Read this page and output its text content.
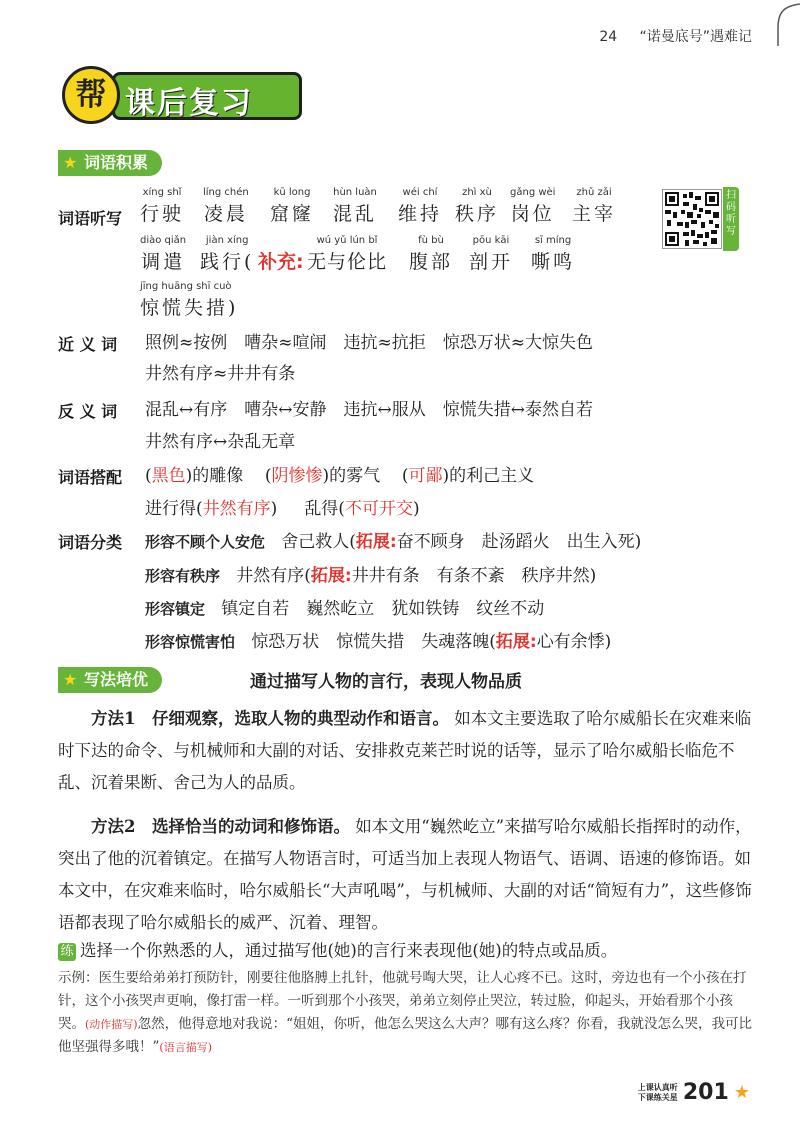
24 “诺曼底号”遇难记
课后复习
帮
★ 词语积累
词语听写
xíng shǐ
行驶
líng chén
凌晨
kū long
窟窿
hùn luàn
混乱
wéi chí
维持
zhì xù
秩序
gǎng wèi
岗位
zhǔ zǎi
主宰
diào qiǎn
调遣
jiàn xíng
践行( 补充:
wú yǔ lún bǐ
无与伦比
fù bù
腹部
pōu kāi
剖开
sī míng
嘶鸣
jīng huāng shī cuò
惊慌失措)
扫码听写
近 义 词 照例≈按例　嘈杂≈喧闹　违抗≈抗拒　惊恐万状≈大惊失色
井然有序≈井井有条
反 义 词 混乱↔有序　嘈杂↔安静　违抗↔服从　惊慌失措↔泰然自若
井然有序↔杂乱无章
词语搭配 (黑色)的雕像 (阴惨惨)的雾气 (可鄙)的利己主义
进行得(井然有序) 乱得(不可开交)
词语分类 形容不顾个人安危 舍己救人(拓展:奋不顾身　赴汤蹈火　出生入死)
形容有秩序 井然有序(拓展:井井有条　有条不紊　秩序井然)
形容镇定 镇定自若　巍然屹立　犹如铁铸　纹丝不动
形容惊慌害怕 惊恐万状　惊慌失措　失魂落魄(拓展:心有余悸)
★ 写法培优	通过描写人物的言行，表现人物品质
方法1　仔细观察，选取人物的典型动作和语言。 如本文主要选取了哈尔威船长在灾难来临时下达的命令、与机械师和大副的对话、安排救克莱芒时说的话等，显示了哈尔威船长临危不乱、沉着果断、舍己为人的品质。
方法2　选择恰当的动词和修饰语。 如本文用“巍然屹立”来描写哈尔威船长指挥时的动作，突出了他的沉着镇定。在描写人物语言时，可适当加上表现人物语气、语调、语速的修饰语。如本文中，在灾难来临时，哈尔威船长“大声吼喝”，与机械师、大副的对话“简短有力”，这些修饰语都表现了哈尔威船长的威严、沉着、理智。
练 选择一个你熟悉的人，通过描写他(她)的言行来表现他(她)的特点或品质。
示例：医生要给弟弟打预防针，刚要往他胳膊上扎针，他就号啕大哭，让人心疼不已。这时，旁边也有一个小孩在打针，这个小孩哭声更响，像打雷一样。一听到那个小孩哭，弟弟立刻停止哭泣，转过脸，仰起头，开始看那个小孩哭。(动作描写)忽然，他得意地对我说：“姐姐，你听，他怎么哭这么大声？哪有这么疼？你看，我就没怎么哭，我可比他坚强得多哦！”(语言描写)
上课认真听
下课练关星 201 ★
